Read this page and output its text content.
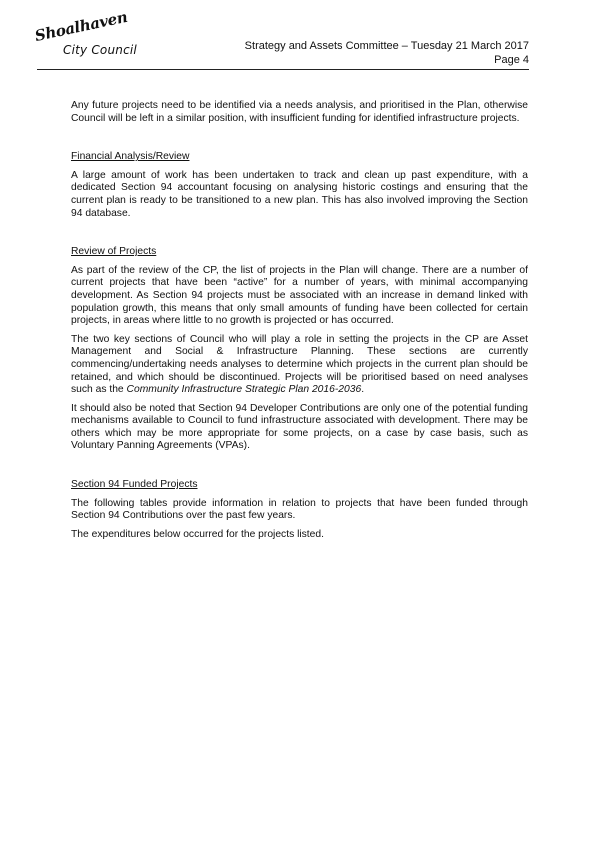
Shoalhaven
City Council	Strategy and Assets Committee – Tuesday 21 March 2017
Page 4

Any future projects need to be identified via a needs analysis, and prioritised in the Plan, otherwise Council will be left in a similar position, with insufficient funding for identified infrastructure projects.

Financial Analysis/Review

A large amount of work has been undertaken to track and clean up past expenditure, with a dedicated Section 94 accountant focusing on analysing historic costings and ensuring that the current plan is ready to be transitioned to a new plan. This has also involved improving the Section 94 database.

Review of Projects

As part of the review of the CP, the list of projects in the Plan will change. There are a number of current projects that have been “active” for a number of years, with minimal accompanying development. As Section 94 projects must be associated with an increase in demand linked with population growth, this means that only small amounts of funding have been collected for certain projects, in areas where little to no growth is projected or has occurred.

The two key sections of Council who will play a role in setting the projects in the CP are Asset Management and Social & Infrastructure Planning. These sections are currently commencing/undertaking needs analyses to determine which projects in the current plan should be retained, and which should be discontinued. Projects will be prioritised based on need analyses such as the Community Infrastructure Strategic Plan 2016-2036.

It should also be noted that Section 94 Developer Contributions are only one of the potential funding mechanisms available to Council to fund infrastructure associated with development. There may be others which may be more appropriate for some projects, on a case by case basis, such as Voluntary Panning Agreements (VPAs).

Section 94 Funded Projects

The following tables provide information in relation to projects that have been funded through Section 94 Contributions over the past few years.

The expenditures below occurred for the projects listed.
